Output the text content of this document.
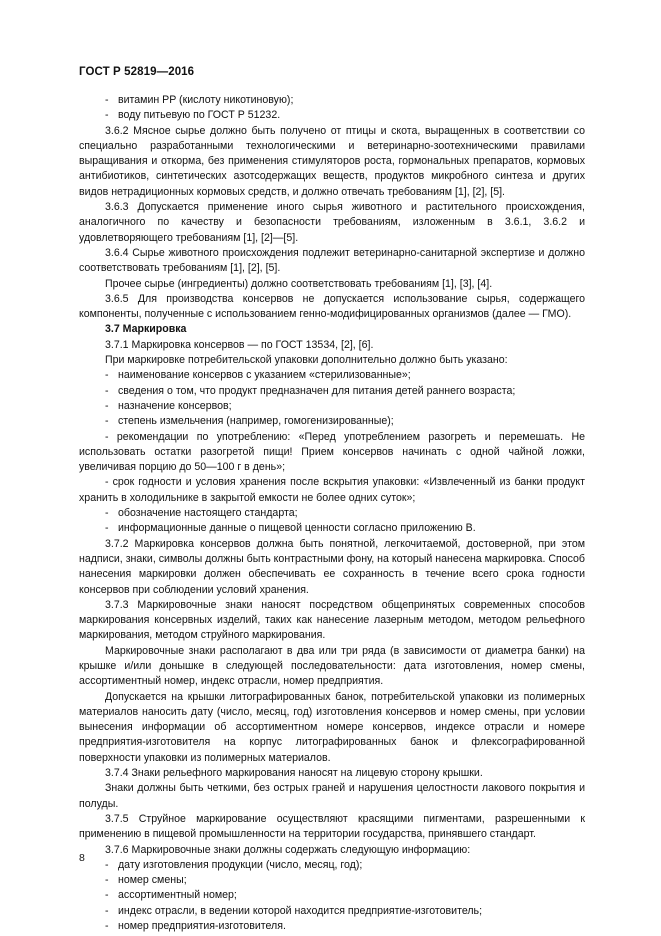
ГОСТ Р 52819—2016

- витамин PP (кислоту никотиновую);

- воду питьевую по ГОСТ Р 51232.

3.6.2 Мясное сырье должно быть получено от птицы и скота, выращенных в соответствии со специально разработанными технологическими и ветеринарно-зоотехническими правилами выращивания и откорма, без применения стимуляторов роста, гормональных препаратов, кормовых антибиотиков, синтетических азотсодержащих веществ, продуктов микробного синтеза и других видов нетрадиционных кормовых средств, и должно отвечать требованиям [1], [2], [5].

3.6.3 Допускается применение иного сырья животного и растительного происхождения, аналогичного по качеству и безопасности требованиям, изложенным в 3.6.1, 3.6.2 и удовлетворяющего требованиям [1], [2]—[5].

3.6.4 Сырье животного происхождения подлежит ветеринарно-санитарной экспертизе и должно соответствовать требованиям [1], [2], [5].

Прочее сырье (ингредиенты) должно соответствовать требованиям [1], [3], [4].

3.6.5 Для производства консервов не допускается использование сырья, содержащего компоненты, полученные с использованием генно-модифицированных организмов (далее — ГМО).

3.7 Маркировка

3.7.1 Маркировка консервов — по ГОСТ 13534, [2], [6].

При маркировке потребительской упаковки дополнительно должно быть указано:

- наименование консервов с указанием «стерилизованные»;

- сведения о том, что продукт предназначен для питания детей раннего возраста;

- назначение консервов;

- степень измельчения (например, гомогенизированные);

- рекомендации по употреблению: «Перед употреблением разогреть и перемешать. Не использовать остатки разогретой пищи! Прием консервов начинать с одной чайной ложки, увеличивая порцию до 50—100 г в день»;

- срок годности и условия хранения после вскрытия упаковки: «Извлеченный из банки продукт хранить в холодильнике в закрытой емкости не более одних суток»;

- обозначение настоящего стандарта;

- информационные данные о пищевой ценности согласно приложению В.

3.7.2 Маркировка консервов должна быть понятной, легкочитаемой, достоверной, при этом надписи, знаки, символы должны быть контрастными фону, на который нанесена маркировка. Способ нанесения маркировки должен обеспечивать ее сохранность в течение всего срока годности консервов при соблюдении условий хранения.

3.7.3 Маркировочные знаки наносят посредством общепринятых современных способов маркирования консервных изделий, таких как нанесение лазерным методом, методом рельефного маркирования, методом струйного маркирования.

Маркировочные знаки располагают в два или три ряда (в зависимости от диаметра банки) на крышке и/или донышке в следующей последовательности: дата изготовления, номер смены, ассортиментный номер, индекс отрасли, номер предприятия.

Допускается на крышки литографированных банок, потребительской упаковки из полимерных материалов наносить дату (число, месяц, год) изготовления консервов и номер смены, при условии вынесения информации об ассортиментном номере консервов, индексе отрасли и номере предприятия-изготовителя на корпус литографированных банок и флексографированной поверхности упаковки из полимерных материалов.

3.7.4 Знаки рельефного маркирования наносят на лицевую сторону крышки.

Знаки должны быть четкими, без острых граней и нарушения целостности лакового покрытия и полуды.

3.7.5 Струйное маркирование осуществляют красящими пигментами, разрешенными к применению в пищевой промышленности на территории государства, принявшего стандарт.

3.7.6 Маркировочные знаки должны содержать следующую информацию:

- дату изготовления продукции (число, месяц, год);

- номер смены;

- ассортиментный номер;

- индекс отрасли, в ведении которой находится предприятие-изготовитель;

- номер предприятия-изготовителя.

8
